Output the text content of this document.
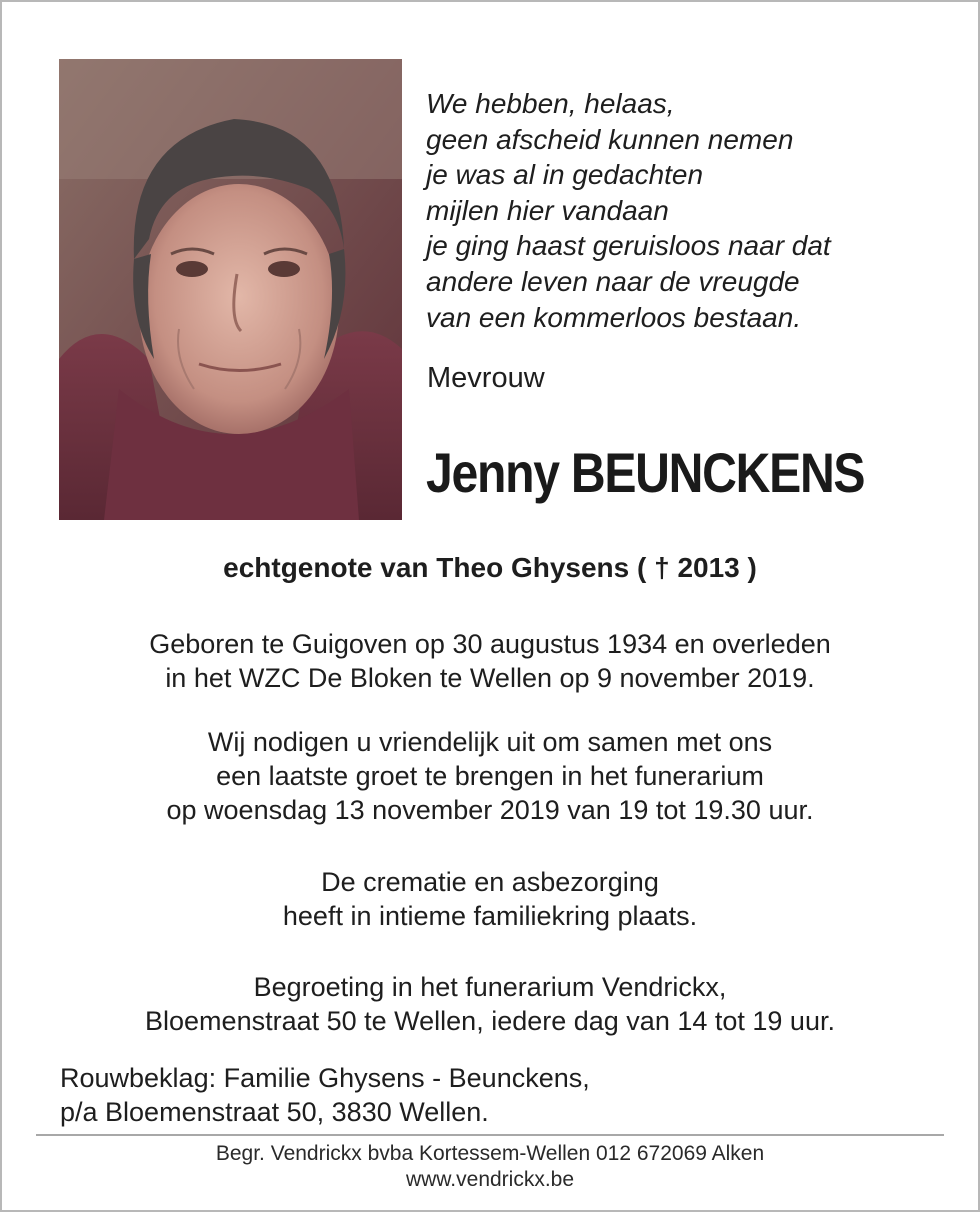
We hebben, helaas,
geen afscheid kunnen nemen
je was al in gedachten
mijlen hier vandaan
je ging haast geruisloos naar dat
andere leven naar de vreugde
van een kommerloos bestaan.
Mevrouw
Jenny BEUNCKENS
echtgenote van Theo Ghysens ( † 2013 )
Geboren te Guigoven op 30 augustus 1934 en overleden
in het WZC De Bloken te Wellen op 9 november 2019.
Wij nodigen u vriendelijk uit om samen met ons
een laatste groet te brengen in het funerarium
op woensdag 13 november 2019 van 19 tot 19.30 uur.
De crematie en asbezorging
heeft in intieme familiekring plaats.
Begroeting in het funerarium Vendrickx,
Bloemenstraat 50 te Wellen, iedere dag van 14 tot 19 uur.
Rouwbeklag: Familie Ghysens - Beunckens,
p/a Bloemenstraat 50, 3830 Wellen.
Begr. Vendrickx bvba Kortessem-Wellen 012 672069 Alken
www.vendrickx.be
